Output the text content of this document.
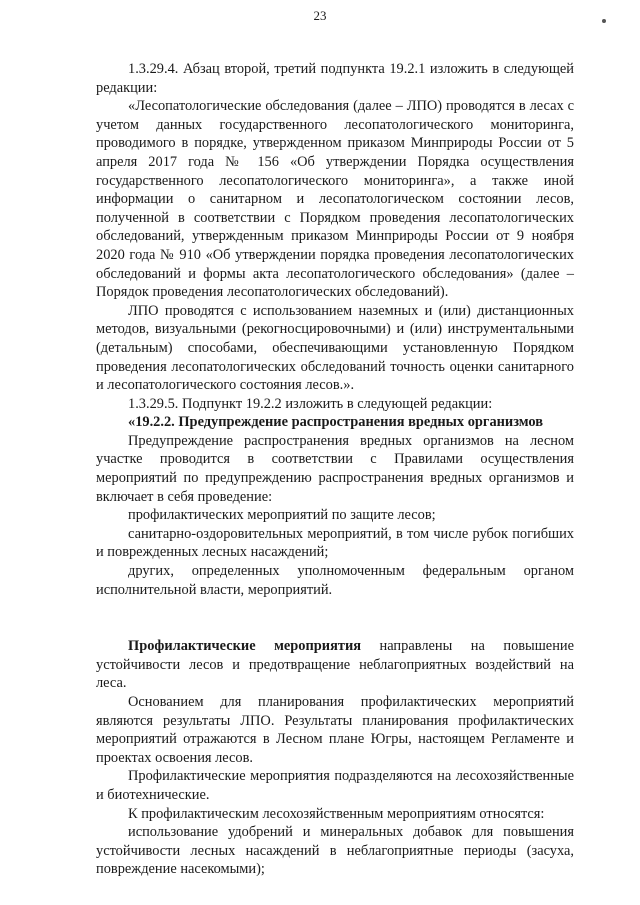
23

1.3.29.4. Абзац второй, третий подпункта 19.2.1 изложить в следующей редакции:

«Лесопатологические обследования (далее – ЛПО) проводятся в лесах с учетом данных государственного лесопатологического мониторинга, проводимого в порядке, утвержденном приказом Минприроды России от 5 апреля 2017 года № 156 «Об утверждении Порядка осуществления государственного лесопатологического мониторинга», а также иной информации о санитарном и лесопатологическом состоянии лесов, полученной в соответствии с Порядком проведения лесопатологических обследований, утвержденным приказом Минприроды России от 9 ноября 2020 года № 910 «Об утверждении порядка проведения лесопатологических обследований и формы акта лесопатологического обследования» (далее – Порядок проведения лесопатологических обследований).

ЛПО проводятся с использованием наземных и (или) дистанционных методов, визуальными (рекогносцировочными) и (или) инструментальными (детальным) способами, обеспечивающими установленную Порядком проведения лесопатологических обследований точность оценки санитарного и лесопатологического состояния лесов.».

1.3.29.5. Подпункт 19.2.2 изложить в следующей редакции:

«19.2.2. Предупреждение распространения вредных организмов

Предупреждение распространения вредных организмов на лесном участке проводится в соответствии с Правилами осуществления мероприятий по предупреждению распространения вредных организмов и включает в себя проведение:

профилактических мероприятий по защите лесов;

санитарно-оздоровительных мероприятий, в том числе рубок погибших и поврежденных лесных насаждений;

других, определенных уполномоченным федеральным органом исполнительной власти, мероприятий.

Профилактические мероприятия направлены на повышение устойчивости лесов и предотвращение неблагоприятных воздействий на леса.

Основанием для планирования профилактических мероприятий являются результаты ЛПО. Результаты планирования профилактических мероприятий отражаются в Лесном плане Югры, настоящем Регламенте и проектах освоения лесов.

Профилактические мероприятия подразделяются на лесохозяйственные и биотехнические.

К профилактическим лесохозяйственным мероприятиям относятся:

использование удобрений и минеральных добавок для повышения устойчивости лесных насаждений в неблагоприятные периоды (засуха, повреждение насекомыми);
